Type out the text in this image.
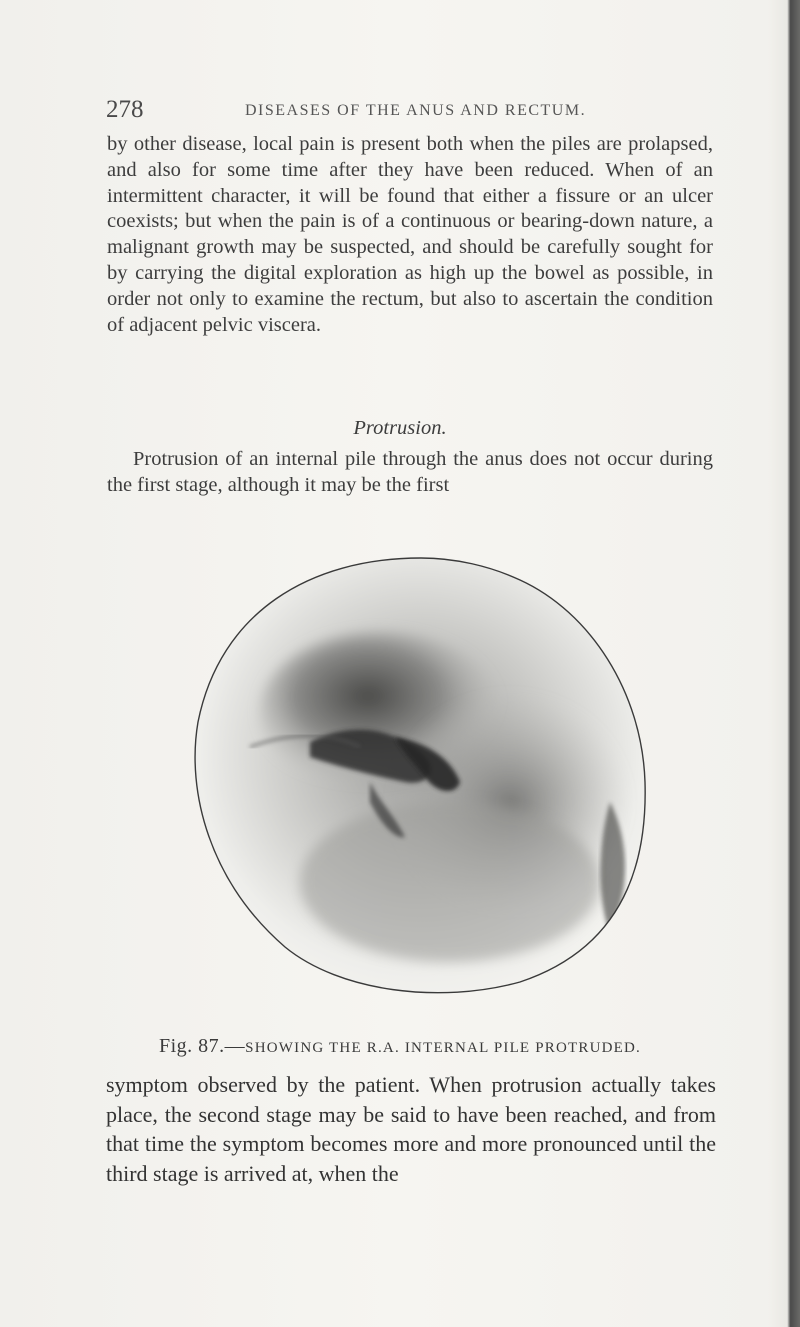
278	DISEASES OF THE ANUS AND RECTUM.
by other disease, local pain is present both when the piles are prolapsed, and also for some time after they have been reduced. When of an intermittent character, it will be found that either a fissure or an ulcer coexists; but when the pain is of a continuous or bearing-down nature, a malignant growth may be suspected, and should be carefully sought for by carrying the digital exploration as high up the bowel as possible, in order not only to examine the rectum, but also to ascertain the condition of adjacent pelvic viscera.
Protrusion.
Protrusion of an internal pile through the anus does not occur during the first stage, although it may be the first
Fig. 87.—SHOWING THE R.A. INTERNAL PILE PROTRUDED.
symptom observed by the patient. When protrusion actually takes place, the second stage may be said to have been reached, and from that time the symptom becomes more and more pronounced until the third stage is arrived at, when the
